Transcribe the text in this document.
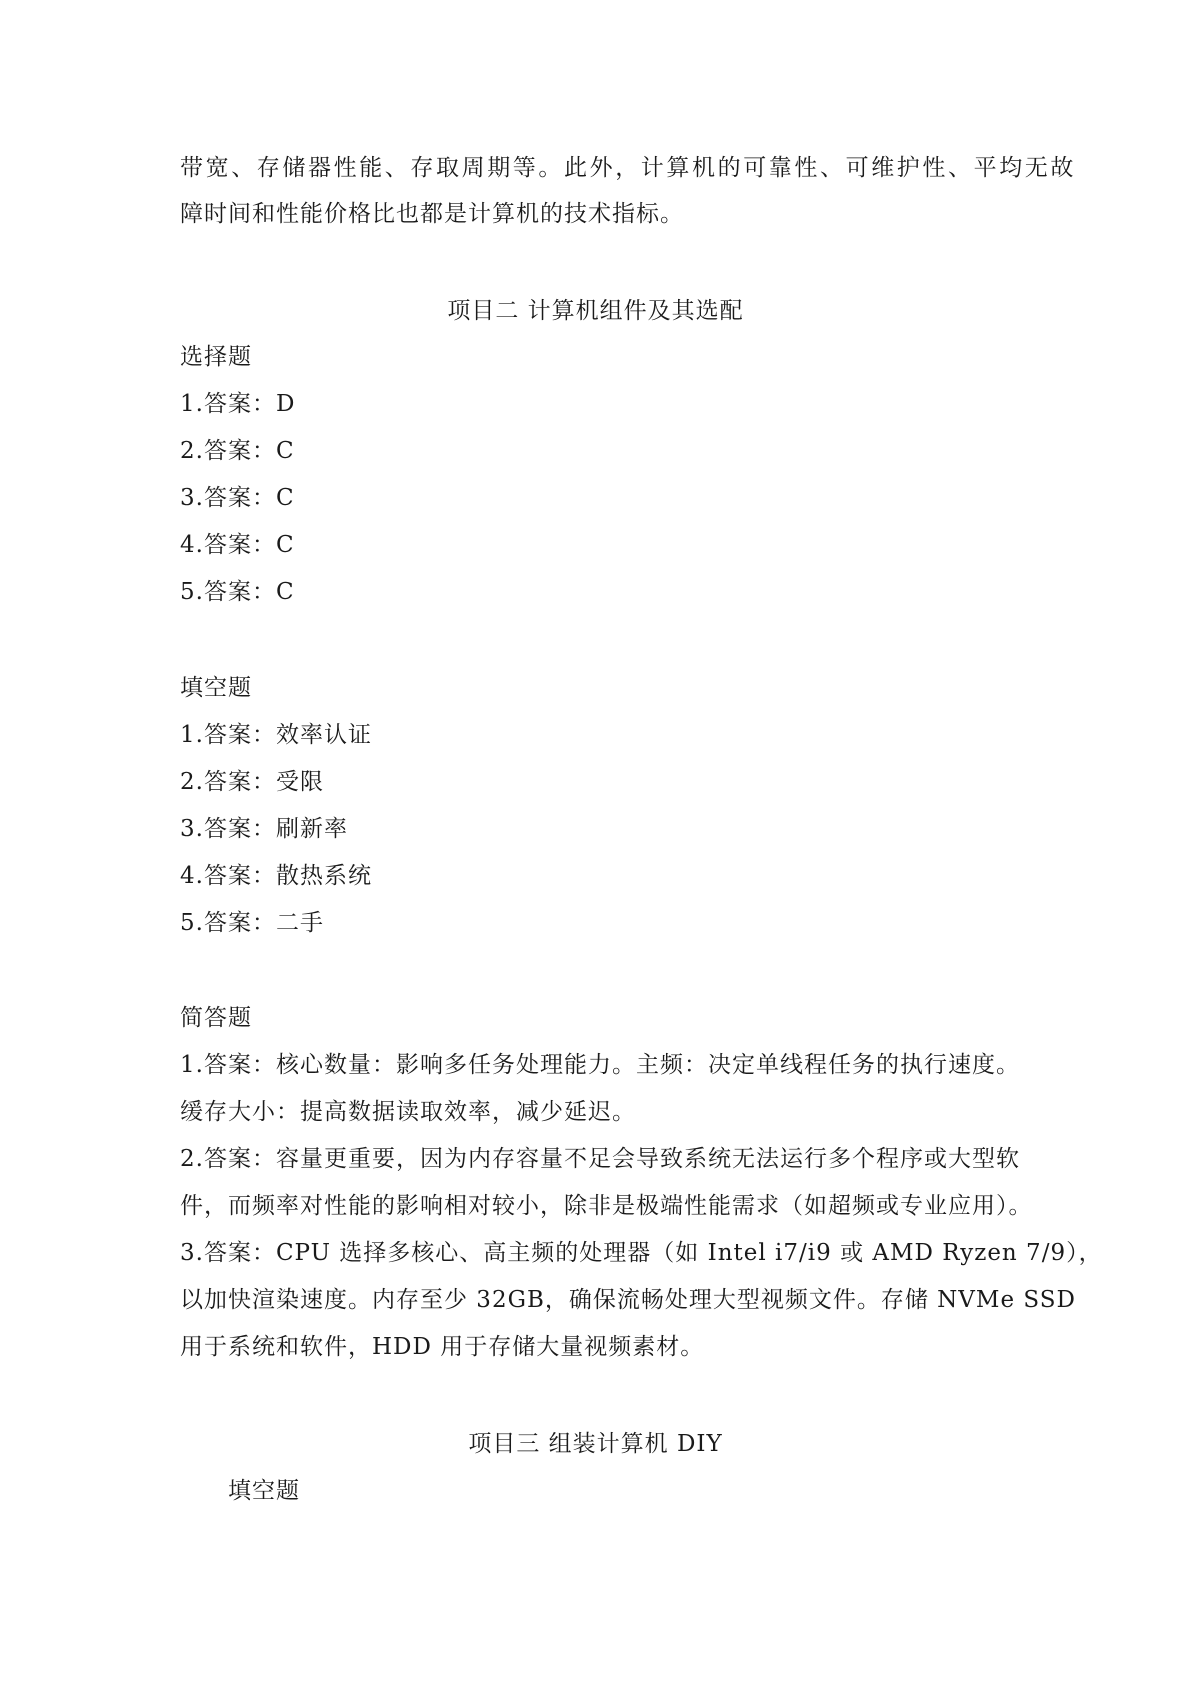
带宽、存储器性能、存取周期等。此外，计算机的可靠性、可维护性、平均无故
障时间和性能价格比也都是计算机的技术指标。
项目二 计算机组件及其选配
选择题
1.答案：D
2.答案：C
3.答案：C
4.答案：C
5.答案：C
填空题
1.答案：效率认证
2.答案：受限
3.答案：刷新率
4.答案：散热系统
5.答案：二手
简答题
1.答案：核心数量：影响多任务处理能力。主频：决定单线程任务的执行速度。
缓存大小：提高数据读取效率，减少延迟。
2.答案：容量更重要，因为内存容量不足会导致系统无法运行多个程序或大型软
件，而频率对性能的影响相对较小，除非是极端性能需求（如超频或专业应用）。
3.答案：CPU 选择多核心、高主频的处理器（如 Intel i7/i9 或 AMD Ryzen 7/9），
以加快渲染速度。内存至少 32GB，确保流畅处理大型视频文件。存储 NVMe SSD
用于系统和软件，HDD 用于存储大量视频素材。
项目三 组装计算机 DIY
填空题
